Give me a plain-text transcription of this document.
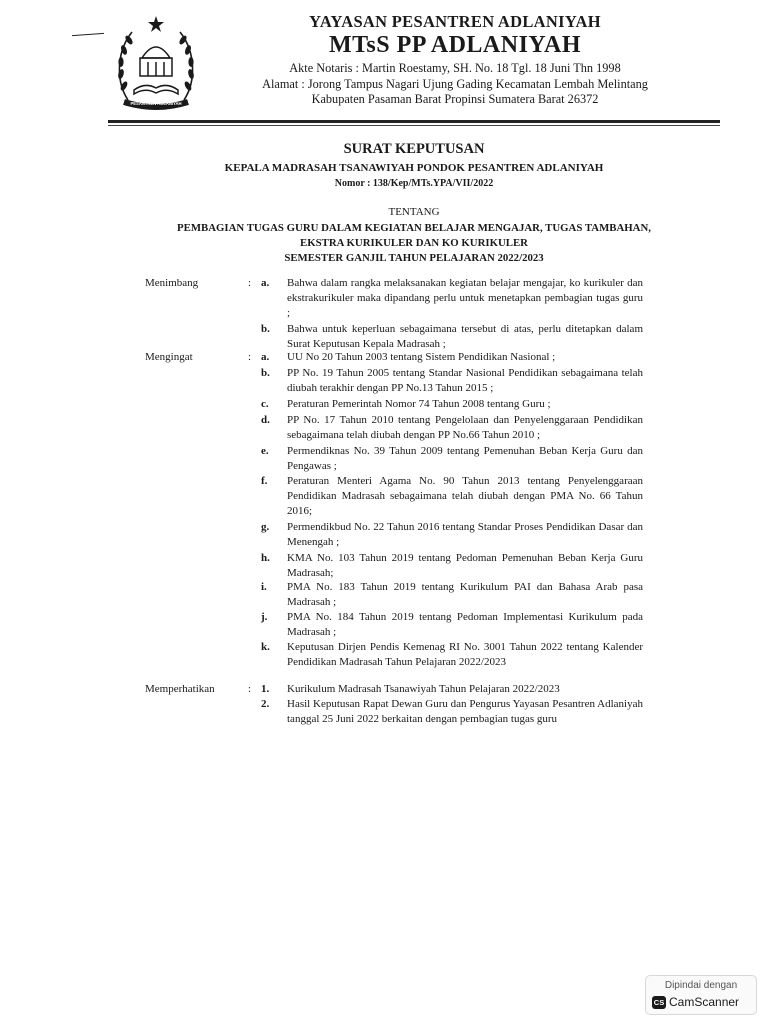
PESANTREN ADLANIYAH
YAYASAN PESANTREN ADLANIYAH
MTsS PP ADLANIYAH
Akte Notaris : Martin Roestamy, SH. No. 18 Tgl. 18 Juni Thn 1998
Alamat : Jorong Tampus Nagari Ujung Gading Kecamatan Lembah Melintang
Kabupaten Pasaman Barat Propinsi Sumatera Barat 26372
SURAT KEPUTUSAN
KEPALA MADRASAH TSANAWIYAH PONDOK PESANTREN ADLANIYAH
Nomor : 138/Kep/MTs.YPA/VII/2022
TENTANG
PEMBAGIAN TUGAS GURU DALAM KEGIATAN BELAJAR MENGAJAR, TUGAS TAMBAHAN,
EKSTRA KURIKULER DAN KO KURIKULER
SEMESTER GANJIL TAHUN PELAJARAN 2022/2023
Menimbang	: a. Bahwa dalam rangka melaksanakan kegiatan belajar mengajar, ko kurikuler dan ekstrakurikuler maka dipandang perlu untuk menetapkan pembagian tugas guru ;
b. Bahwa untuk keperluan sebagaimana tersebut di atas, perlu ditetapkan dalam Surat Keputusan Kepala Madrasah ;
Mengingat	: a. UU No 20 Tahun 2003 tentang Sistem Pendidikan Nasional ;
b. PP No. 19 Tahun 2005 tentang Standar Nasional Pendidikan sebagaimana telah diubah terakhir dengan PP No.13 Tahun 2015 ;
c. Peraturan Pemerintah Nomor 74 Tahun 2008 tentang Guru ;
d. PP No. 17 Tahun 2010 tentang Pengelolaan dan Penyelenggaraan Pendidikan sebagaimana telah diubah dengan PP No.66 Tahun 2010 ;
e. Permendiknas No. 39 Tahun 2009 tentang Pemenuhan Beban Kerja Guru dan Pengawas ;
f. Peraturan Menteri Agama No. 90 Tahun 2013 tentang Penyelenggaraan Pendidikan Madrasah sebagaimana telah diubah dengan PMA No. 66 Tahun 2016;
g. Permendikbud No. 22 Tahun 2016 tentang Standar Proses Pendidikan Dasar dan Menengah ;
h. KMA No. 103 Tahun 2019 tentang Pedoman Pemenuhan Beban Kerja Guru Madrasah;
i. PMA No. 183 Tahun 2019 tentang Kurikulum PAI dan Bahasa Arab pasa Madrasah ;
j. PMA No. 184 Tahun 2019 tentang Pedoman Implementasi Kurikulum pada Madrasah ;
k. Keputusan Dirjen Pendis Kemenag RI No. 3001 Tahun 2022 tentang Kalender Pendidikan Madrasah Tahun Pelajaran 2022/2023
Memperhatikan	: 1. Kurikulum Madrasah Tsanawiyah Tahun Pelajaran 2022/2023
2. Hasil Keputusan Rapat Dewan Guru dan Pengurus Yayasan Pesantren Adlaniyah tanggal 25 Juni 2022 berkaitan dengan pembagian tugas guru
Dipindai dengan
CS CamScanner
